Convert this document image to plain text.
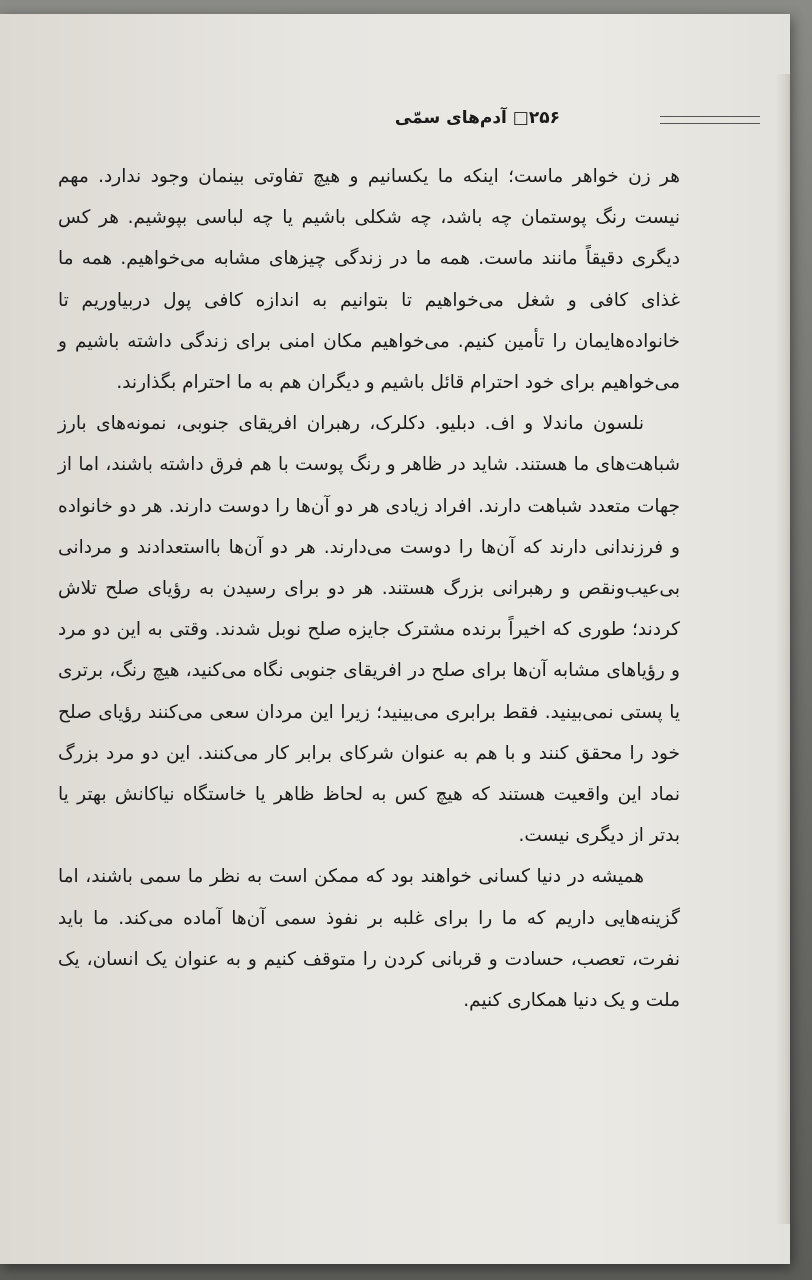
۲۵۶□ آدم‌های سمّی

هر زن خواهر ماست؛ اینکه ما یکسانیم و هیچ تفاوتی بینمان وجود ندارد. مهم نیست رنگ پوستمان چه باشد، چه شکلی باشیم یا چه لباسی بپوشیم. هر کس دیگری دقیقاً مانند ماست. همه ما در زندگی چیزهای مشابه می‌خواهیم. همه ما غذای کافی و شغل می‌خواهیم تا بتوانیم به اندازه کافی پول دربیاوریم تا خانواده‌هایمان را تأمین کنیم. می‌خواهیم مکان امنی برای زندگی داشته باشیم و می‌خواهیم برای خود احترام قائل باشیم و دیگران هم به ما احترام بگذارند.

نلسون ماندلا و اف. دبلیو. دکلرک، رهبران افریقای جنوبی، نمونه‌های بارز شباهت‌های ما هستند. شاید در ظاهر و رنگ پوست با هم فرق داشته باشند، اما از جهات متعدد شباهت دارند. افراد زیادی هر دو آن‌ها را دوست دارند. هر دو خانواده و فرزندانی دارند که آن‌ها را دوست می‌دارند. هر دو آن‌ها بااستعدادند و مردانی بی‌عیب‌ونقص و رهبرانی بزرگ هستند. هر دو برای رسیدن به رؤیای صلح تلاش کردند؛ طوری که اخیراً برنده مشترک جایزه صلح نوبل شدند. وقتی به این دو مرد و رؤیاهای مشابه آن‌ها برای صلح در افریقای جنوبی نگاه می‌کنید، هیچ رنگ، برتری یا پستی نمی‌بینید. فقط برابری می‌بینید؛ زیرا این مردان سعی می‌کنند رؤیای صلح خود را محقق کنند و با هم به عنوان شرکای برابر کار می‌کنند. این دو مرد بزرگ نماد این واقعیت هستند که هیچ کس به لحاظ ظاهر یا خاستگاه نیاکانش بهتر یا بدتر از دیگری نیست.

همیشه در دنیا کسانی خواهند بود که ممکن است به نظر ما سمی باشند، اما گزینه‌هایی داریم که ما را برای غلبه بر نفوذ سمی آن‌ها آماده می‌کند. ما باید نفرت، تعصب، حسادت و قربانی کردن را متوقف کنیم و به عنوان یک انسان، یک ملت و یک دنیا همکاری کنیم.
